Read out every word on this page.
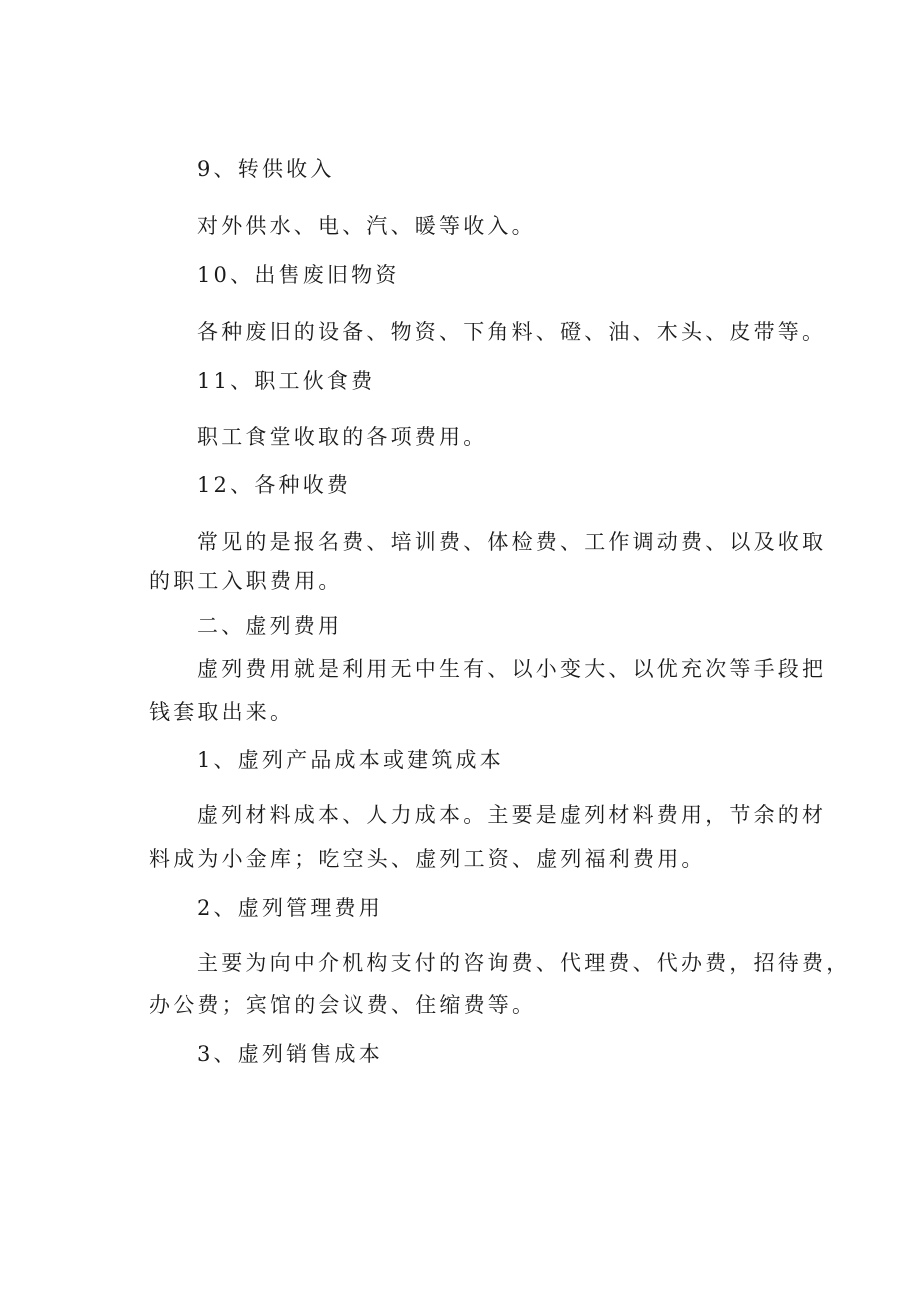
9、转供收入
对外供水、电、汽、暖等收入。
10、出售废旧物资
各种废旧的设备、物资、下角料、磴、油、木头、皮带等。
11、职工伙食费
职工食堂收取的各项费用。
12、各种收费
常见的是报名费、培训费、体检费、工作调动费、以及收取
的职工入职费用。
二、虚列费用
虚列费用就是利用无中生有、以小变大、以优充次等手段把
钱套取出来。
1、虚列产品成本或建筑成本
虚列材料成本、人力成本。主要是虚列材料费用，节余的材
料成为小金库；吃空头、虚列工资、虚列福利费用。
2、虚列管理费用
主要为向中介机构支付的咨询费、代理费、代办费，招待费，
办公费；宾馆的会议费、住缩费等。
3、虚列销售成本
